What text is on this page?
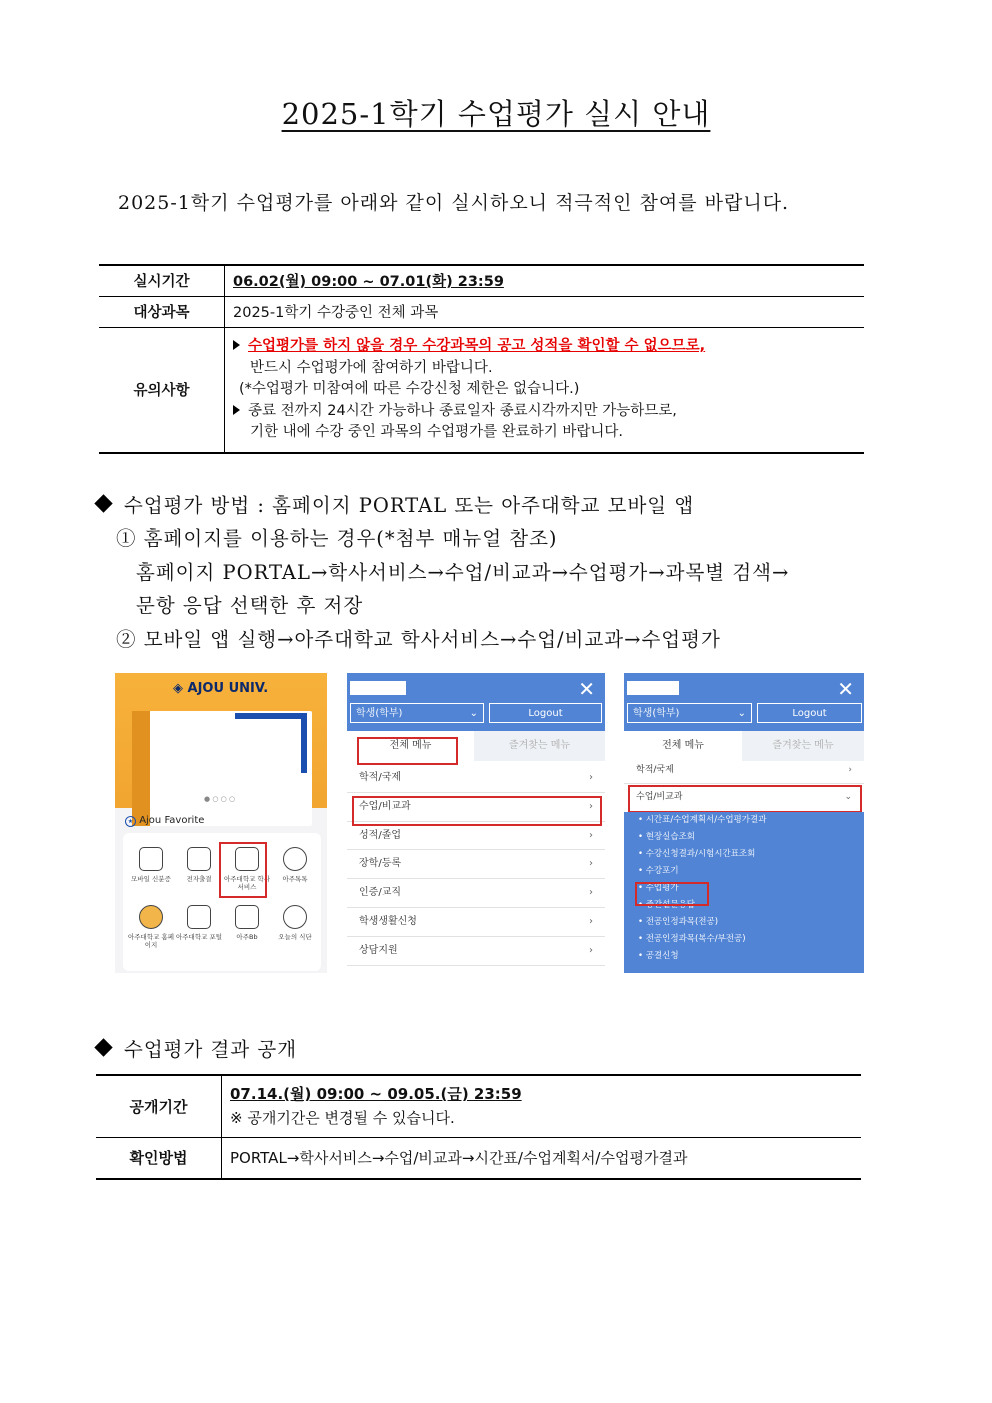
2025-1학기 수업평가 실시 안내
2025-1학기 수업평가를 아래와 같이 실시하오니 적극적인 참여를 바랍니다.
실시기간	06.02(월) 09:00 ~ 07.01(화) 23:59
대상과목	2025-1학기 수강중인 전체 과목
유의사항	수업평가를 하지 않을 경우 수강과목의 공고 성적을 확인할 수 없으므로,
반드시 수업평가에 참여하기 바랍니다.
(*수업평가 미참여에 따른 수강신청 제한은 없습니다.)
종료 전까지 24시간 가능하나 종료일자 종료시각까지만 가능하므로,
기한 내에 수강 중인 과목의 수업평가를 완료하기 바랍니다.
수업평가 방법 : 홈페이지 PORTAL 또는 아주대학교 모바일 앱
① 홈페이지를 이용하는 경우(*첨부 매뉴얼 참조)
홈페이지 PORTAL→학사서비스→수업/비교과→수업평가→과목별 검색→
문항 응답 선택한 후 저장
② 모바일 앱 실행→아주대학교 학사서비스→수업/비교과→수업평가
◈ AJOU UNIV.
● ○ ○ ○
★ Ajou Favorite
모바일 신분증	전자출결	아주대학교 학사서비스
아주톡톡
아주대학교 홈페이지
아주대학교 포털	아주Bb	오늘의 식단
✕
학생(학부)	⌄	Logout
전체 메뉴	즐겨찾는 메뉴
학적/국제	›
수업/비교과	›
성적/졸업	›
장학/등록	›
인증/교직	›
학생생활신청	›
상담지원	›
✕
학생(학부)	⌄	Logout
전체 메뉴	즐겨찾는 메뉴
학적/국제	›
수업/비교과	⌄
• 시간표/수업계획서/수업평가결과
• 현장실습조회
• 수강신청결과/시험시간표조회
• 수강포기
• 수업평가
• 중간설문응답
• 전공인정과목(전공)
• 전공인정과목(복수/부전공)
• 공결신청
수업평가 결과 공개
공개기간	07.14.(월) 09:00 ~ 09.05.(금) 23:59
※ 공개기간은 변경될 수 있습니다.

확인방법	PORTAL→학사서비스→수업/비교과→시간표/수업계획서/수업평가결과
